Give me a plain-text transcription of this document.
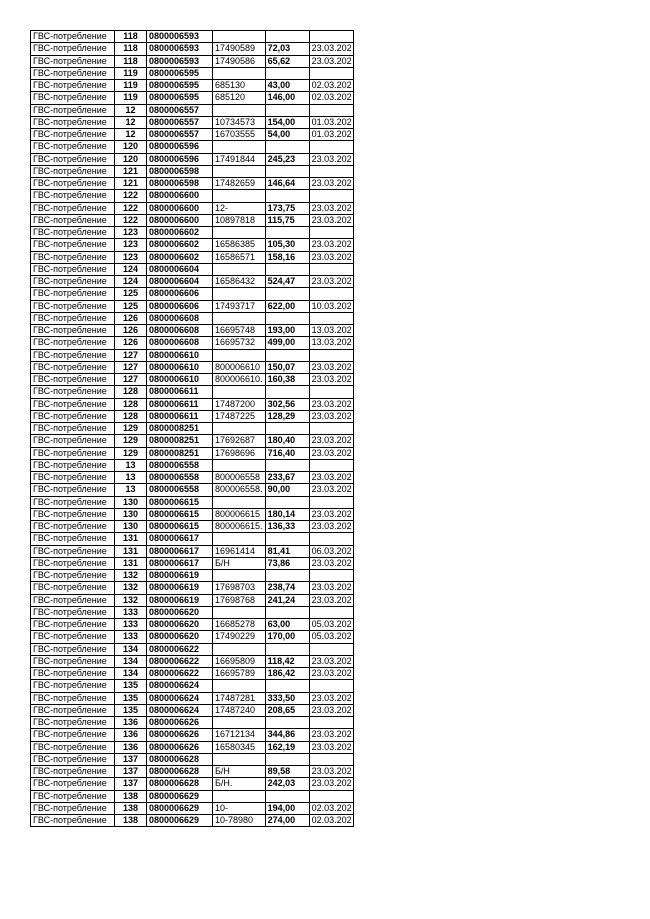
ГВС-потребление	118	0800006593			
ГВС-потребление	118	0800006593	17490589	72,03	23.03.202
ГВС-потребление	118	0800006593	17490586	65,62	23.03.202
ГВС-потребление	119	0800006595			
ГВС-потребление	119	0800006595	685130	43,00	02.03.202
ГВС-потребление	119	0800006595	685120	146,00	02.03.202
ГВС-потребление	12	0800006557			
ГВС-потребление	12	0800006557	10734573	154,00	01.03.202
ГВС-потребление	12	0800006557	16703555	54,00	01.03.202
ГВС-потребление	120	0800006596			
ГВС-потребление	120	0800006596	17491844	245,23	23.03.202
ГВС-потребление	121	0800006598			
ГВС-потребление	121	0800006598	17482659	146,64	23.03.202
ГВС-потребление	122	0800006600			
ГВС-потребление	122	0800006600	12-	173,75	23.03.202
ГВС-потребление	122	0800006600	10897818	115,75	23.03.202
ГВС-потребление	123	0800006602			
ГВС-потребление	123	0800006602	16586385	105,30	23.03.202
ГВС-потребление	123	0800006602	16586571	158,16	23.03.202
ГВС-потребление	124	0800006604			
ГВС-потребление	124	0800006604	16586432	524,47	23.03.202
ГВС-потребление	125	0800006606			
ГВС-потребление	125	0800006606	17493717	622,00	10.03.202
ГВС-потребление	126	0800006608			
ГВС-потребление	126	0800006608	16695748	193,00	13.03.202
ГВС-потребление	126	0800006608	16695732	499,00	13.03.202
ГВС-потребление	127	0800006610			
ГВС-потребление	127	0800006610	800006610	150,07	23.03.202
ГВС-потребление	127	0800006610	800006610.	160,38	23.03.202
ГВС-потребление	128	0800006611			
ГВС-потребление	128	0800006611	17487200	302,56	23.03.202
ГВС-потребление	128	0800006611	17487225	128,29	23.03.202
ГВС-потребление	129	0800008251			
ГВС-потребление	129	0800008251	17692687	180,40	23.03.202
ГВС-потребление	129	0800008251	17698696	716,40	23.03.202
ГВС-потребление	13	0800006558			
ГВС-потребление	13	0800006558	800006558	233,67	23.03.202
ГВС-потребление	13	0800006558	800006558.	90,00	23.03.202
ГВС-потребление	130	0800006615			
ГВС-потребление	130	0800006615	800006615	180,14	23.03.202
ГВС-потребление	130	0800006615	800006615.	136,33	23.03.202
ГВС-потребление	131	0800006617			
ГВС-потребление	131	0800006617	16961414	81,41	06.03.202
ГВС-потребление	131	0800006617	Б/Н	73,86	23.03.202
ГВС-потребление	132	0800006619			
ГВС-потребление	132	0800006619	17698703	238,74	23.03.202
ГВС-потребление	132	0800006619	17698768	241,24	23.03.202
ГВС-потребление	133	0800006620			
ГВС-потребление	133	0800006620	16685278	63,00	05.03.202
ГВС-потребление	133	0800006620	17490229	170,00	05.03.202
ГВС-потребление	134	0800006622			
ГВС-потребление	134	0800006622	16695809	118,42	23.03.202
ГВС-потребление	134	0800006622	16695789	186,42	23.03.202
ГВС-потребление	135	0800006624			
ГВС-потребление	135	0800006624	17487281	333,50	23.03.202
ГВС-потребление	135	0800006624	17487240	208,65	23.03.202
ГВС-потребление	136	0800006626			
ГВС-потребление	136	0800006626	16712134	344,86	23.03.202
ГВС-потребление	136	0800006626	16580345	162,19	23.03.202
ГВС-потребление	137	0800006628			
ГВС-потребление	137	0800006628	Б/Н	89,58	23.03.202
ГВС-потребление	137	0800006628	Б/Н.	242,03	23.03.202
ГВС-потребление	138	0800006629			
ГВС-потребление	138	0800006629	10-	194,00	02.03.202
ГВС-потребление	138	0800006629	10-78980	274,00	02.03.202
